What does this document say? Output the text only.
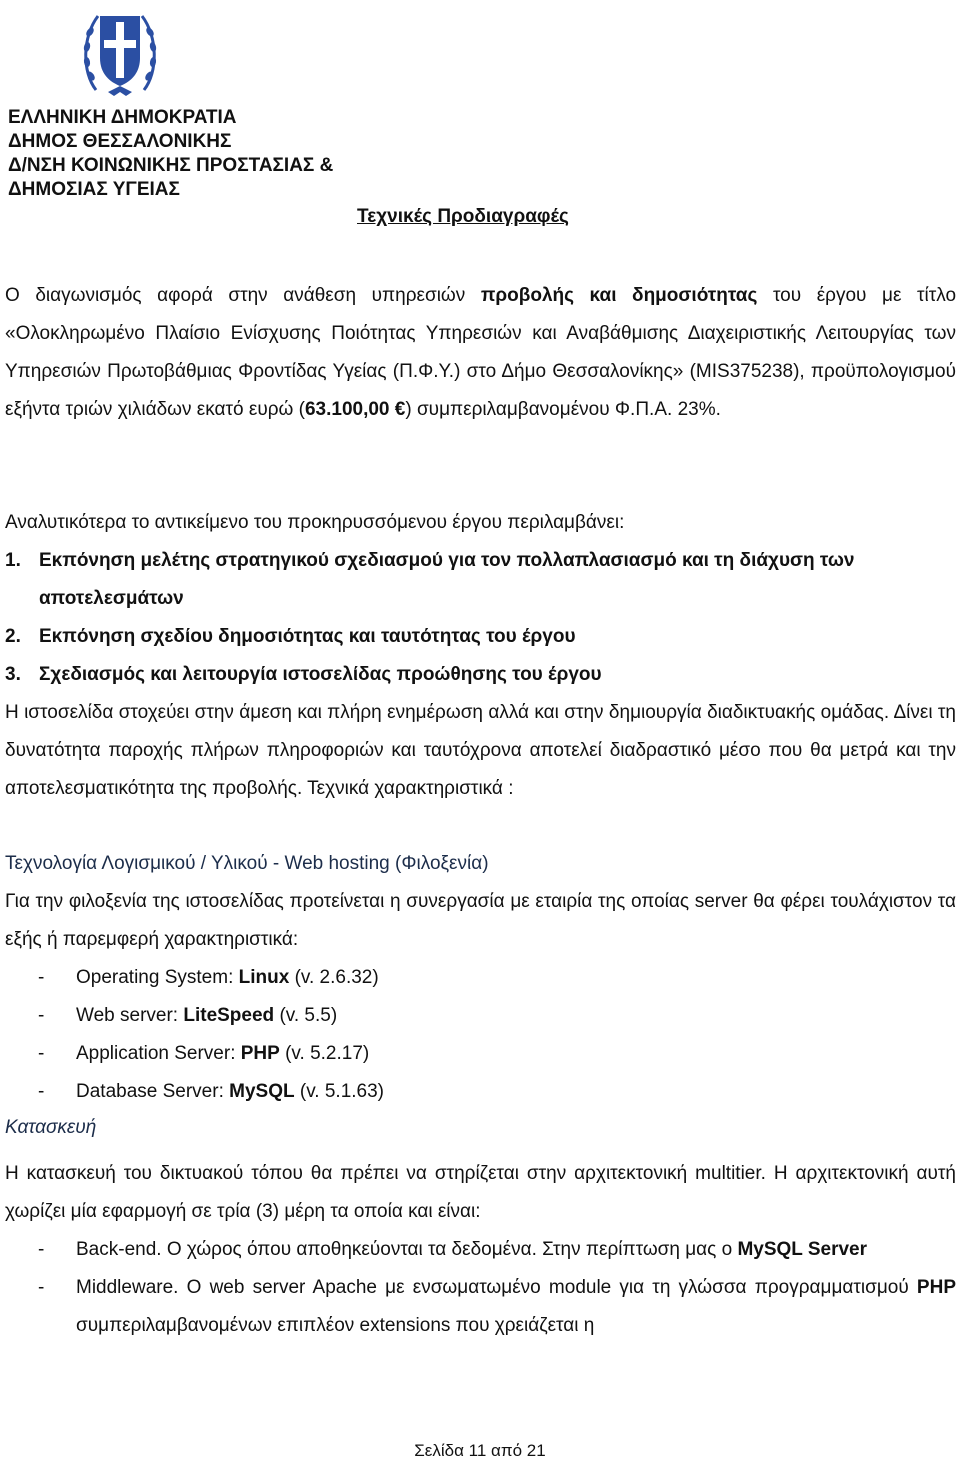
ΕΛΛΗΝΙΚΗ ΔΗΜΟΚΡΑΤΙΑ
ΔΗΜΟΣ ΘΕΣΣΑΛΟΝΙΚΗΣ
Δ/ΝΣΗ ΚΟΙΝΩΝΙΚΗΣ ΠΡΟΣΤΑΣΙΑΣ &
ΔΗΜΟΣΙΑΣ ΥΓΕΙΑΣ
Τεχνικές Προδιαγραφές
Ο διαγωνισμός αφορά στην ανάθεση υπηρεσιών προβολής και δημοσιότητας του έργου με τίτλο «Ολοκληρωμένο Πλαίσιο Ενίσχυσης Ποιότητας Υπηρεσιών και Αναβάθμισης Διαχειριστικής Λειτουργίας των Υπηρεσιών Πρωτοβάθμιας Φροντίδας Υγείας (Π.Φ.Υ.) στο Δήμο Θεσσαλονίκης» (MIS375238), προϋπολογισμού εξήντα τριών χιλιάδων εκατό ευρώ (63.100,00 €) συμπεριλαμβανομένου Φ.Π.Α. 23%.
Αναλυτικότερα το αντικείμενο του προκηρυσσόμενου έργου περιλαμβάνει:
1. Εκπόνηση μελέτης στρατηγικού σχεδιασμού για τον πολλαπλασιασμό και τη διάχυση των αποτελεσμάτων
2. Εκπόνηση σχεδίου δημοσιότητας και ταυτότητας του έργου
3. Σχεδιασμός και λειτουργία ιστοσελίδας προώθησης του έργου
Η ιστοσελίδα στοχεύει στην άμεση και πλήρη ενημέρωση αλλά και στην δημιουργία διαδικτυακής ομάδας. Δίνει τη δυνατότητα παροχής πλήρων πληροφοριών και ταυτόχρονα αποτελεί διαδραστικό μέσο που θα μετρά και την αποτελεσματικότητα της προβολής. Τεχνικά χαρακτηριστικά :
Τεχνολογία Λογισμικού / Υλικού - Web hosting (Φιλοξενία)
Για την φιλοξενία της ιστοσελίδας προτείνεται η συνεργασία με εταιρία της οποίας server θα φέρει τουλάχιστον τα εξής ή παρεμφερή χαρακτηριστικά:
-	Operating System: Linux (v. 2.6.32)
-	Web server: LiteSpeed (v. 5.5)
-	Application Server: PHP (v. 5.2.17)
-	Database Server: MySQL (v. 5.1.63)
Κατασκευή
Η κατασκευή του δικτυακού τόπου θα πρέπει να στηρίζεται στην αρχιτεκτονική multitier. Η αρχιτεκτονική αυτή χωρίζει μία εφαρμογή σε τρία (3) μέρη τα οποία και είναι:
-	Back-end. Ο χώρος όπου αποθηκεύονται τα δεδομένα. Στην περίπτωση μας ο MySQL Server
-	Middleware. Ο web server Apache με ενσωματωμένο module για τη γλώσσα προγραμματισμού PHP συμπεριλαμβανομένων επιπλέον extensions που χρειάζεται η
Σελίδα 11 από 21
